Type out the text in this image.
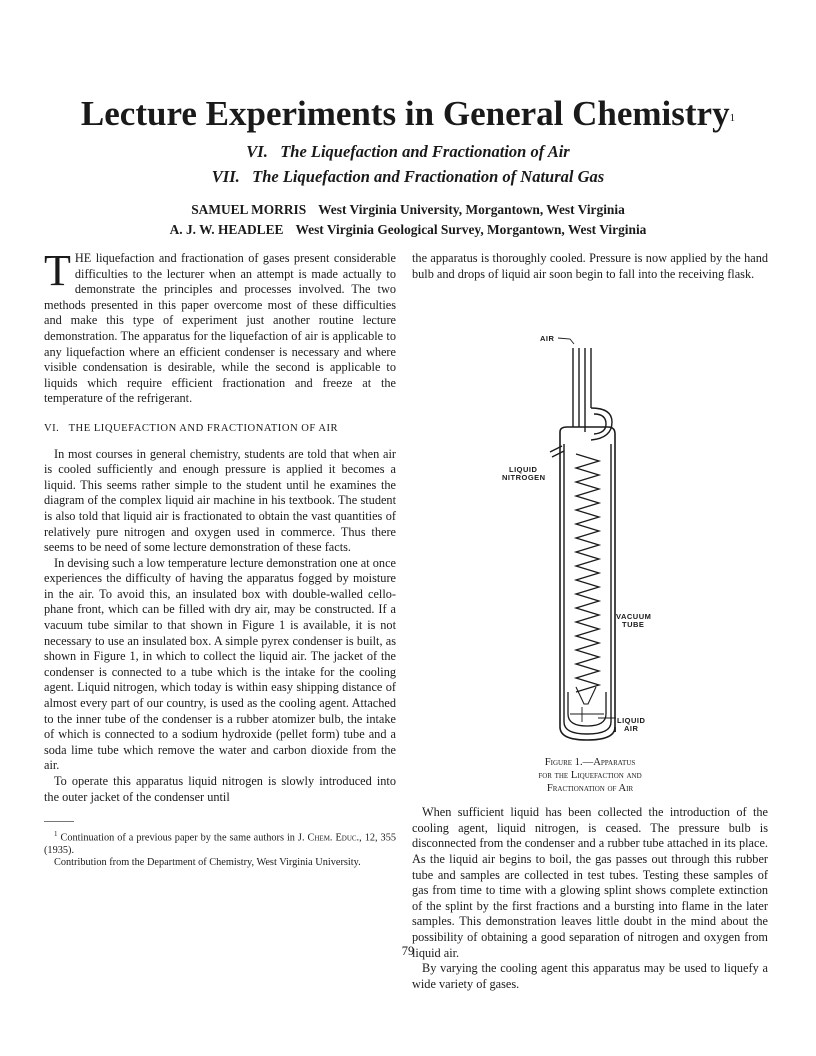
Lecture Experiments in General Chemistry$^1$
VI.   The Liquefaction and Fractionation of Air
VII.   The Liquefaction and Fractionation of Natural Gas
SAMUEL MORRIS West Virginia University, Morgantown, West Virginia
A. J. W. HEADLEE West Virginia Geological Survey, Morgantown, West Virginia

THE liquefaction and fractionation of gases present considerable difficulties to the lecturer when an attempt is made actually to demonstrate the principles and processes involved. The two methods presented in this paper overcome most of these difficulties and make this type of experiment just another routine lecture demonstration. The apparatus for the liquefaction of air is applicable to any liquefaction where an efficient condenser is necessary and where visible condensation is desirable, while the second is applicable to liquids which require efficient fractionation and freeze at the temperature of the refrigerant.

VI.   THE LIQUEFACTION AND FRACTIONATION OF AIR

In most courses in general chemistry, students are told that when air is cooled sufficiently and enough pressure is applied it becomes a liquid. This seems rather simple to the student until he examines the diagram of the complex liquid air machine in his textbook. The student is also told that liquid air is fractionated to obtain the vast quantities of relatively pure nitrogen and oxygen used in commerce. Thus there seems to be need of some lecture demonstration of these facts.

In devising such a low temperature lecture demonstration one at once experiences the difficulty of having the apparatus fogged by moisture in the air. To avoid this, an insulated box with double-walled cellophane front, which can be filled with dry air, may be constructed. If a vacuum tube similar to that shown in Figure 1 is available, it is not necessary to use an insulated box. A simple pyrex condenser is built, as shown in Figure 1, in which to collect the liquid air. The jacket of the condenser is connected to a tube which is the intake for the cooling agent. Liquid nitrogen, which today is within easy shipping distance of almost every part of our country, is used as the cooling agent. Attached to the inner tube of the condenser is a rubber atomizer bulb, the intake of which is connected to a sodium hydroxide (pellet form) tube and a soda lime tube which remove the water and carbon dioxide from the air.

To operate this apparatus liquid nitrogen is slowly introduced into the outer jacket of the condenser until

$^1$ Continuation of a previous paper by the same authors in J. Chem. Educ., 12, 355 (1935).

Contribution from the Department of Chemistry, West Virginia University.

the apparatus is thoroughly cooled. Pressure is now applied by the hand bulb and drops of liquid air soon begin to fall into the receiving flask.

AIR
LIQUID
NITROGEN
VACUUM
TUBE
LIQUID
AIR
Figure 1.—Apparatus
for the Liquefaction and
Fractionation of Air

When sufficient liquid has been collected the introduction of the cooling agent, liquid nitrogen, is ceased. The pressure bulb is disconnected from the condenser and a rubber tube attached in its place. As the liquid air begins to boil, the gas passes out through this rubber tube and samples are collected in test tubes. Testing these samples of gas from time to time with a glowing splint shows complete extinction of the splint by the first fractions and a bursting into flame in the later samples. This demonstration leaves little doubt in the mind about the possibility of obtaining a good separation of nitrogen and oxygen from liquid air.

By varying the cooling agent this apparatus may be used to liquefy a wide variety of gases.

79
